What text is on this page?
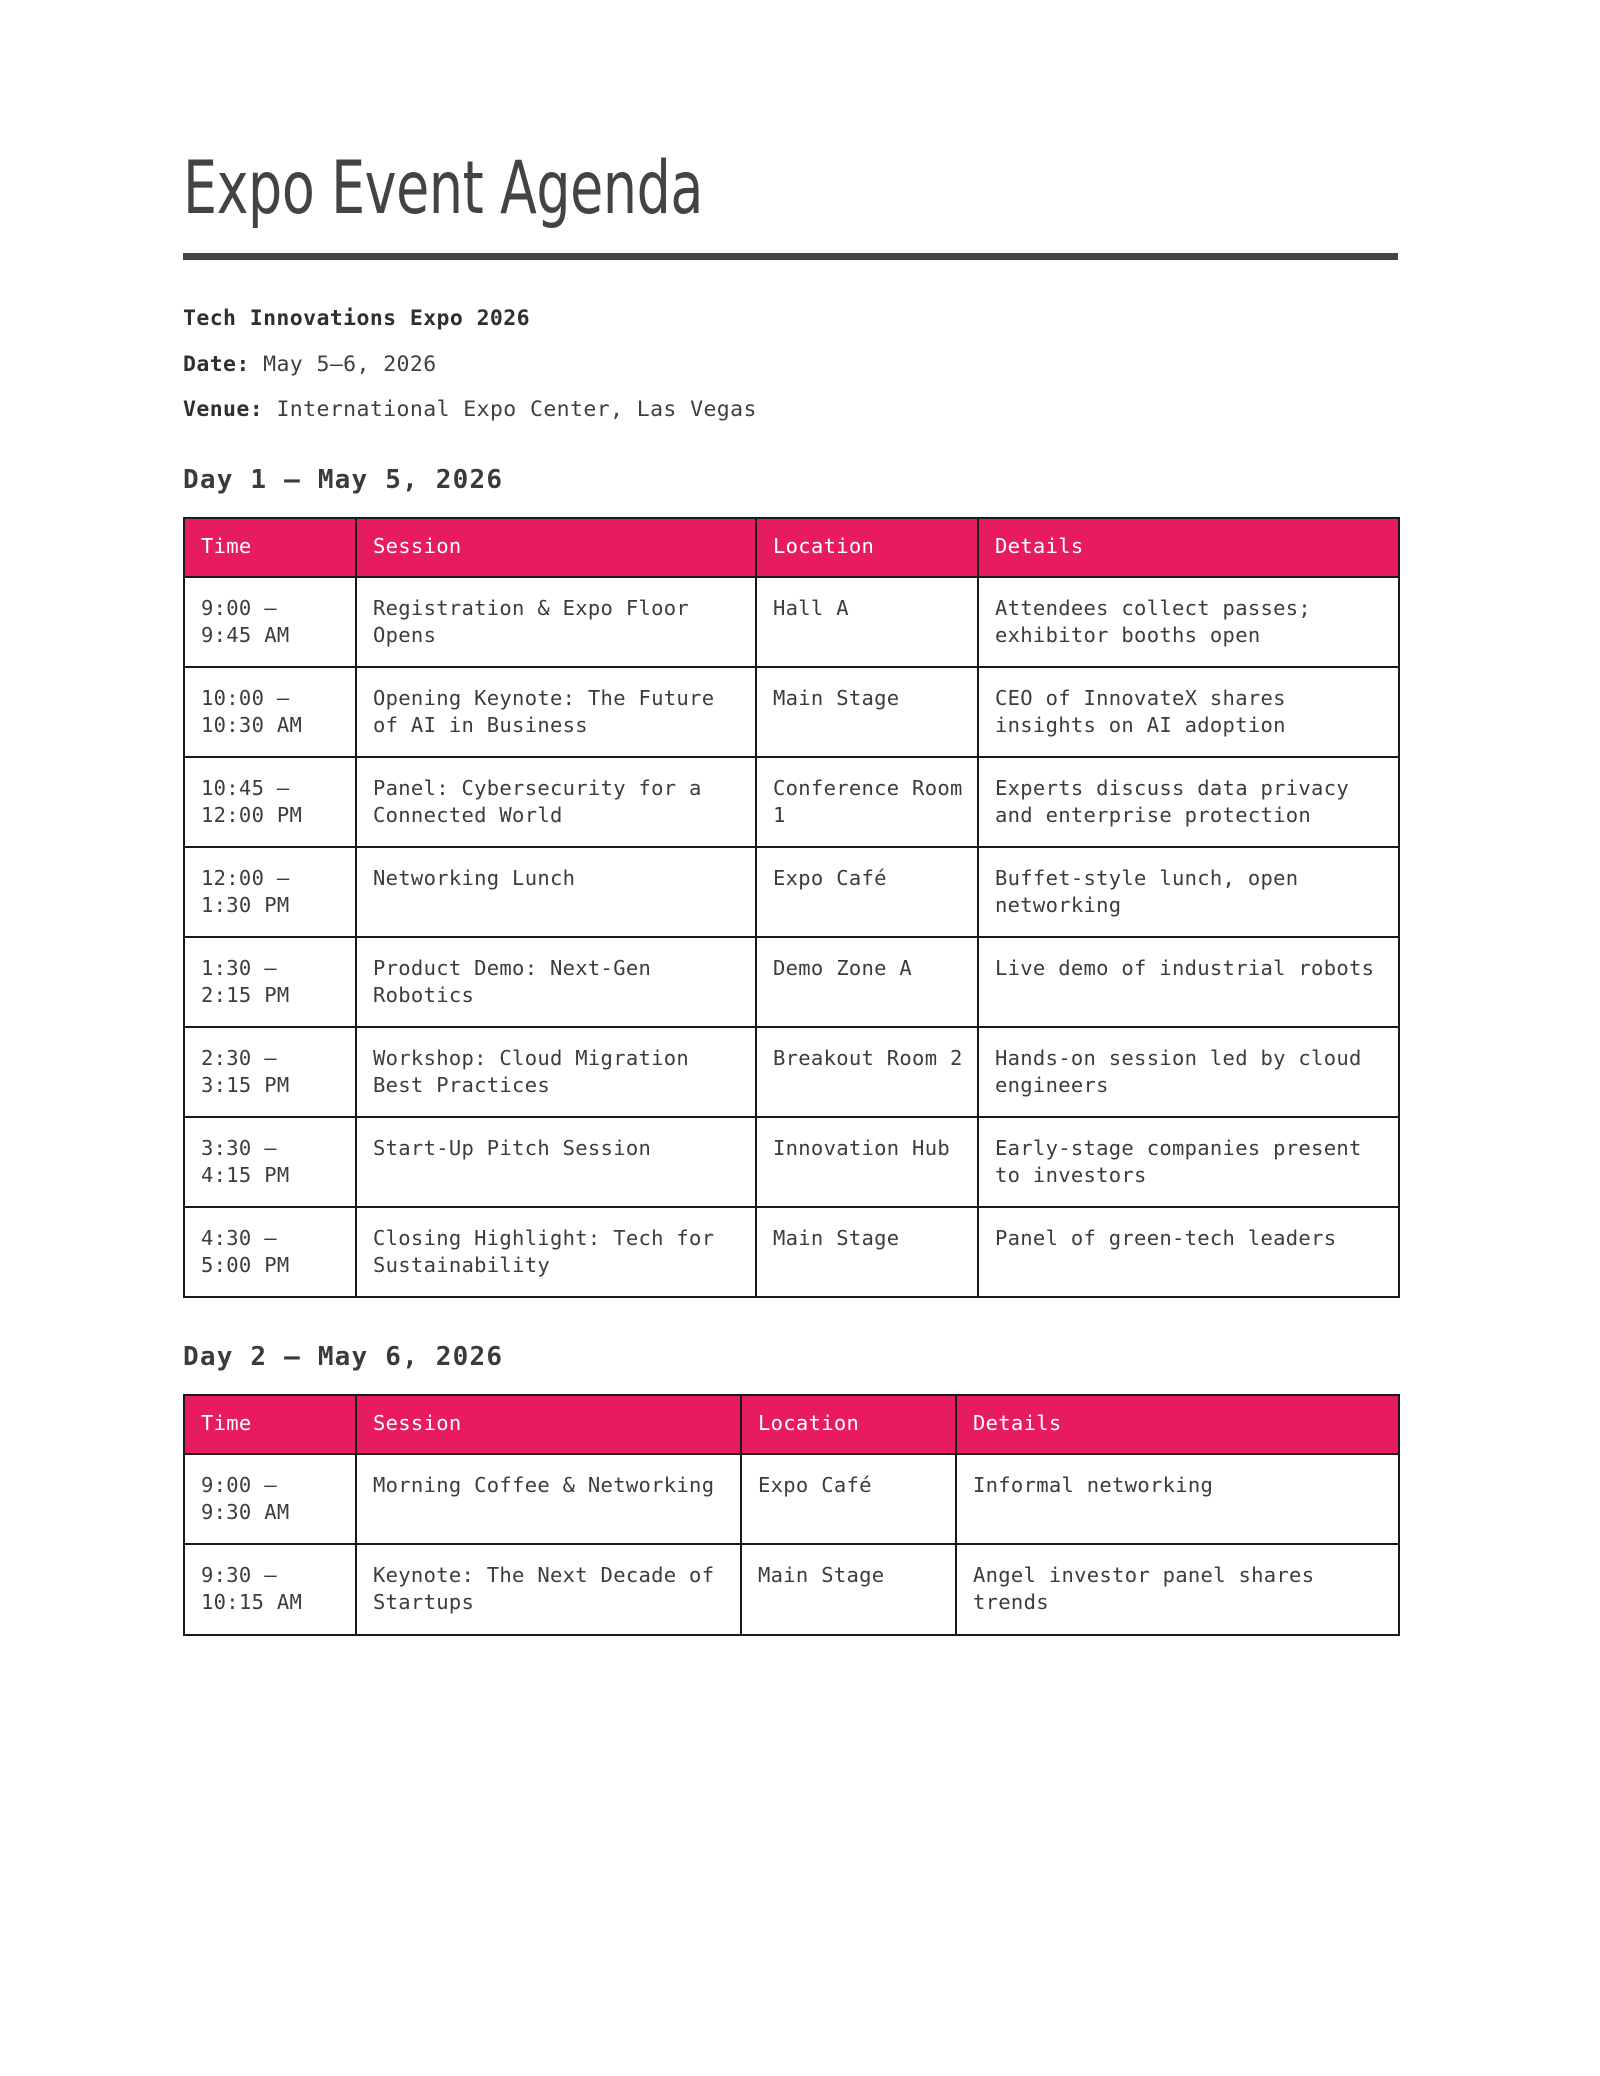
Expo Event Agenda
Tech Innovations Expo 2026
Date: May 5–6, 2026
Venue: International Expo Center, Las Vegas
Day 1 – May 5, 2026
Time	Session	Location	Details
9:00 –
9:45 AM	Registration & Expo Floor Opens	Hall A	Attendees collect passes; exhibitor booths open
10:00 –
10:30 AM	Opening Keynote: The Future of AI in Business	Main Stage	CEO of InnovateX shares insights on AI adoption
10:45 –
12:00 PM	Panel: Cybersecurity for a Connected World	Conference Room 1	Experts discuss data privacy and enterprise protection
12:00 –
1:30 PM	Networking Lunch	Expo Café	Buffet-style lunch, open networking
1:30 –
2:15 PM	Product Demo: Next-Gen Robotics	Demo Zone A	Live demo of industrial robots
2:30 –
3:15 PM	Workshop: Cloud Migration Best Practices	Breakout Room 2	Hands-on session led by cloud engineers
3:30 –
4:15 PM	Start-Up Pitch Session	Innovation Hub	Early-stage companies present to investors
4:30 –
5:00 PM	Closing Highlight: Tech for Sustainability	Main Stage	Panel of green-tech leaders
Day 2 – May 6, 2026
Time	Session	Location	Details
9:00 –
9:30 AM	Morning Coffee & Networking	Expo Café	Informal networking
9:30 –
10:15 AM	Keynote: The Next Decade of Startups	Main Stage	Angel investor panel shares trends
